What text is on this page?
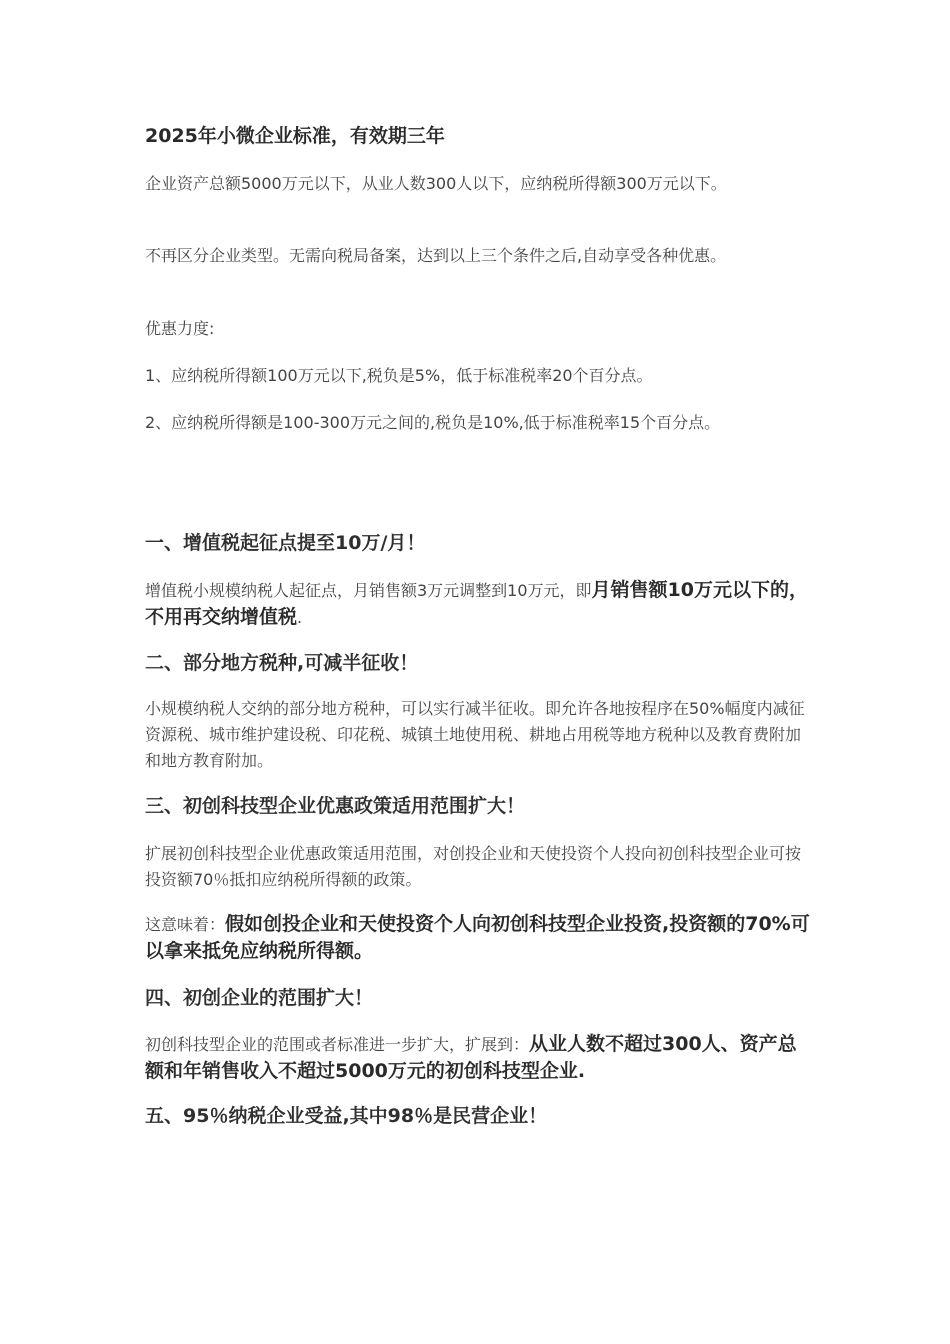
2025年小微企业标准，有效期三年
企业资产总额5000万元以下，从业人数300人以下，应纳税所得额300万元以下。
不再区分企业类型。无需向税局备案，达到以上三个条件之后,自动享受各种优惠。
优惠力度:
1、应纳税所得额100万元以下,税负是5%，低于标准税率20个百分点。
2、应纳税所得额是100-300万元之间的,税负是10%,低于标准税率15个百分点。
一、增值税起征点提至10万/月！
增值税小规模纳税人起征点，月销售额3万元调整到10万元，即月销售额10万元以下的，不用再交纳增值税.
二、部分地方税种,可减半征收！
小规模纳税人交纳的部分地方税种，可以实行减半征收。即允许各地按程序在50%幅度内减征资源税、城市维护建设税、印花税、城镇土地使用税、耕地占用税等地方税种以及教育费附加和地方教育附加。
三、初创科技型企业优惠政策适用范围扩大！
扩展初创科技型企业优惠政策适用范围，对创投企业和天使投资个人投向初创科技型企业可按投资额70％抵扣应纳税所得额的政策。
这意味着：假如创投企业和天使投资个人向初创科技型企业投资,投资额的70%可以拿来抵免应纳税所得额。
四、初创企业的范围扩大！
初创科技型企业的范围或者标准进一步扩大，扩展到：从业人数不超过300人、资产总额和年销售收入不超过5000万元的初创科技型企业.
五、95％纳税企业受益,其中98％是民营企业！
